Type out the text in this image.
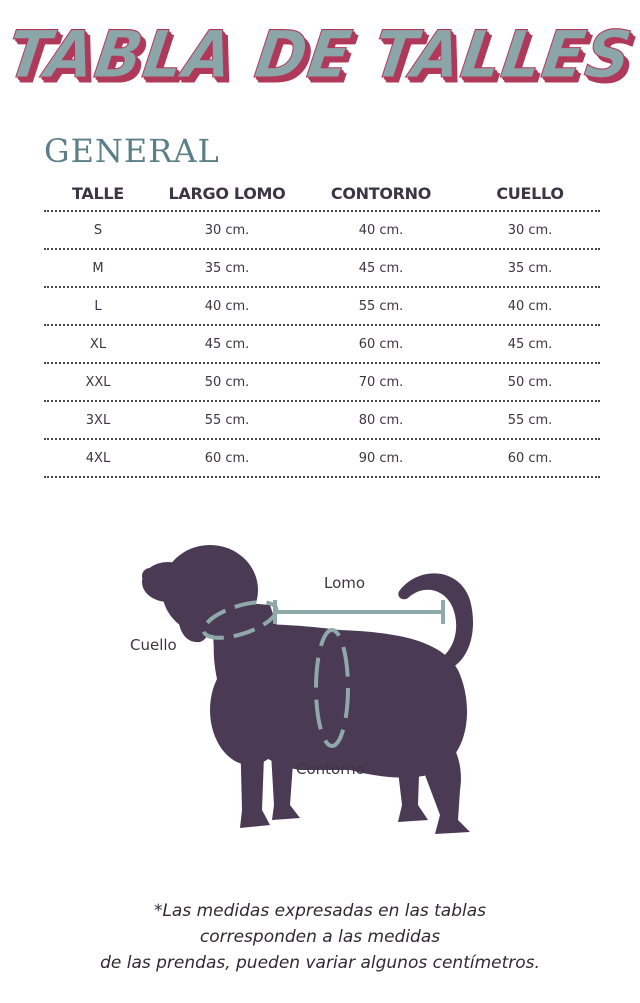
TABLA DE TALLES
GENERAL
TALLE	LARGO LOMO	CONTORNO	CUELLO
S	30 cm.	40 cm.	30 cm.
M	35 cm.	45 cm.	35 cm.
L	40 cm.	55 cm.	40 cm.
XL	45 cm.	60 cm.	45 cm.
XXL	50 cm.	70 cm.	50 cm.
3XL	55 cm.	80 cm.	55 cm.
4XL	60 cm.	90 cm.	60 cm.
Lomo
Cuello
Contorno
*Las medidas expresadas en las tablas
corresponden a las medidas
de las prendas, pueden variar algunos centímetros.
